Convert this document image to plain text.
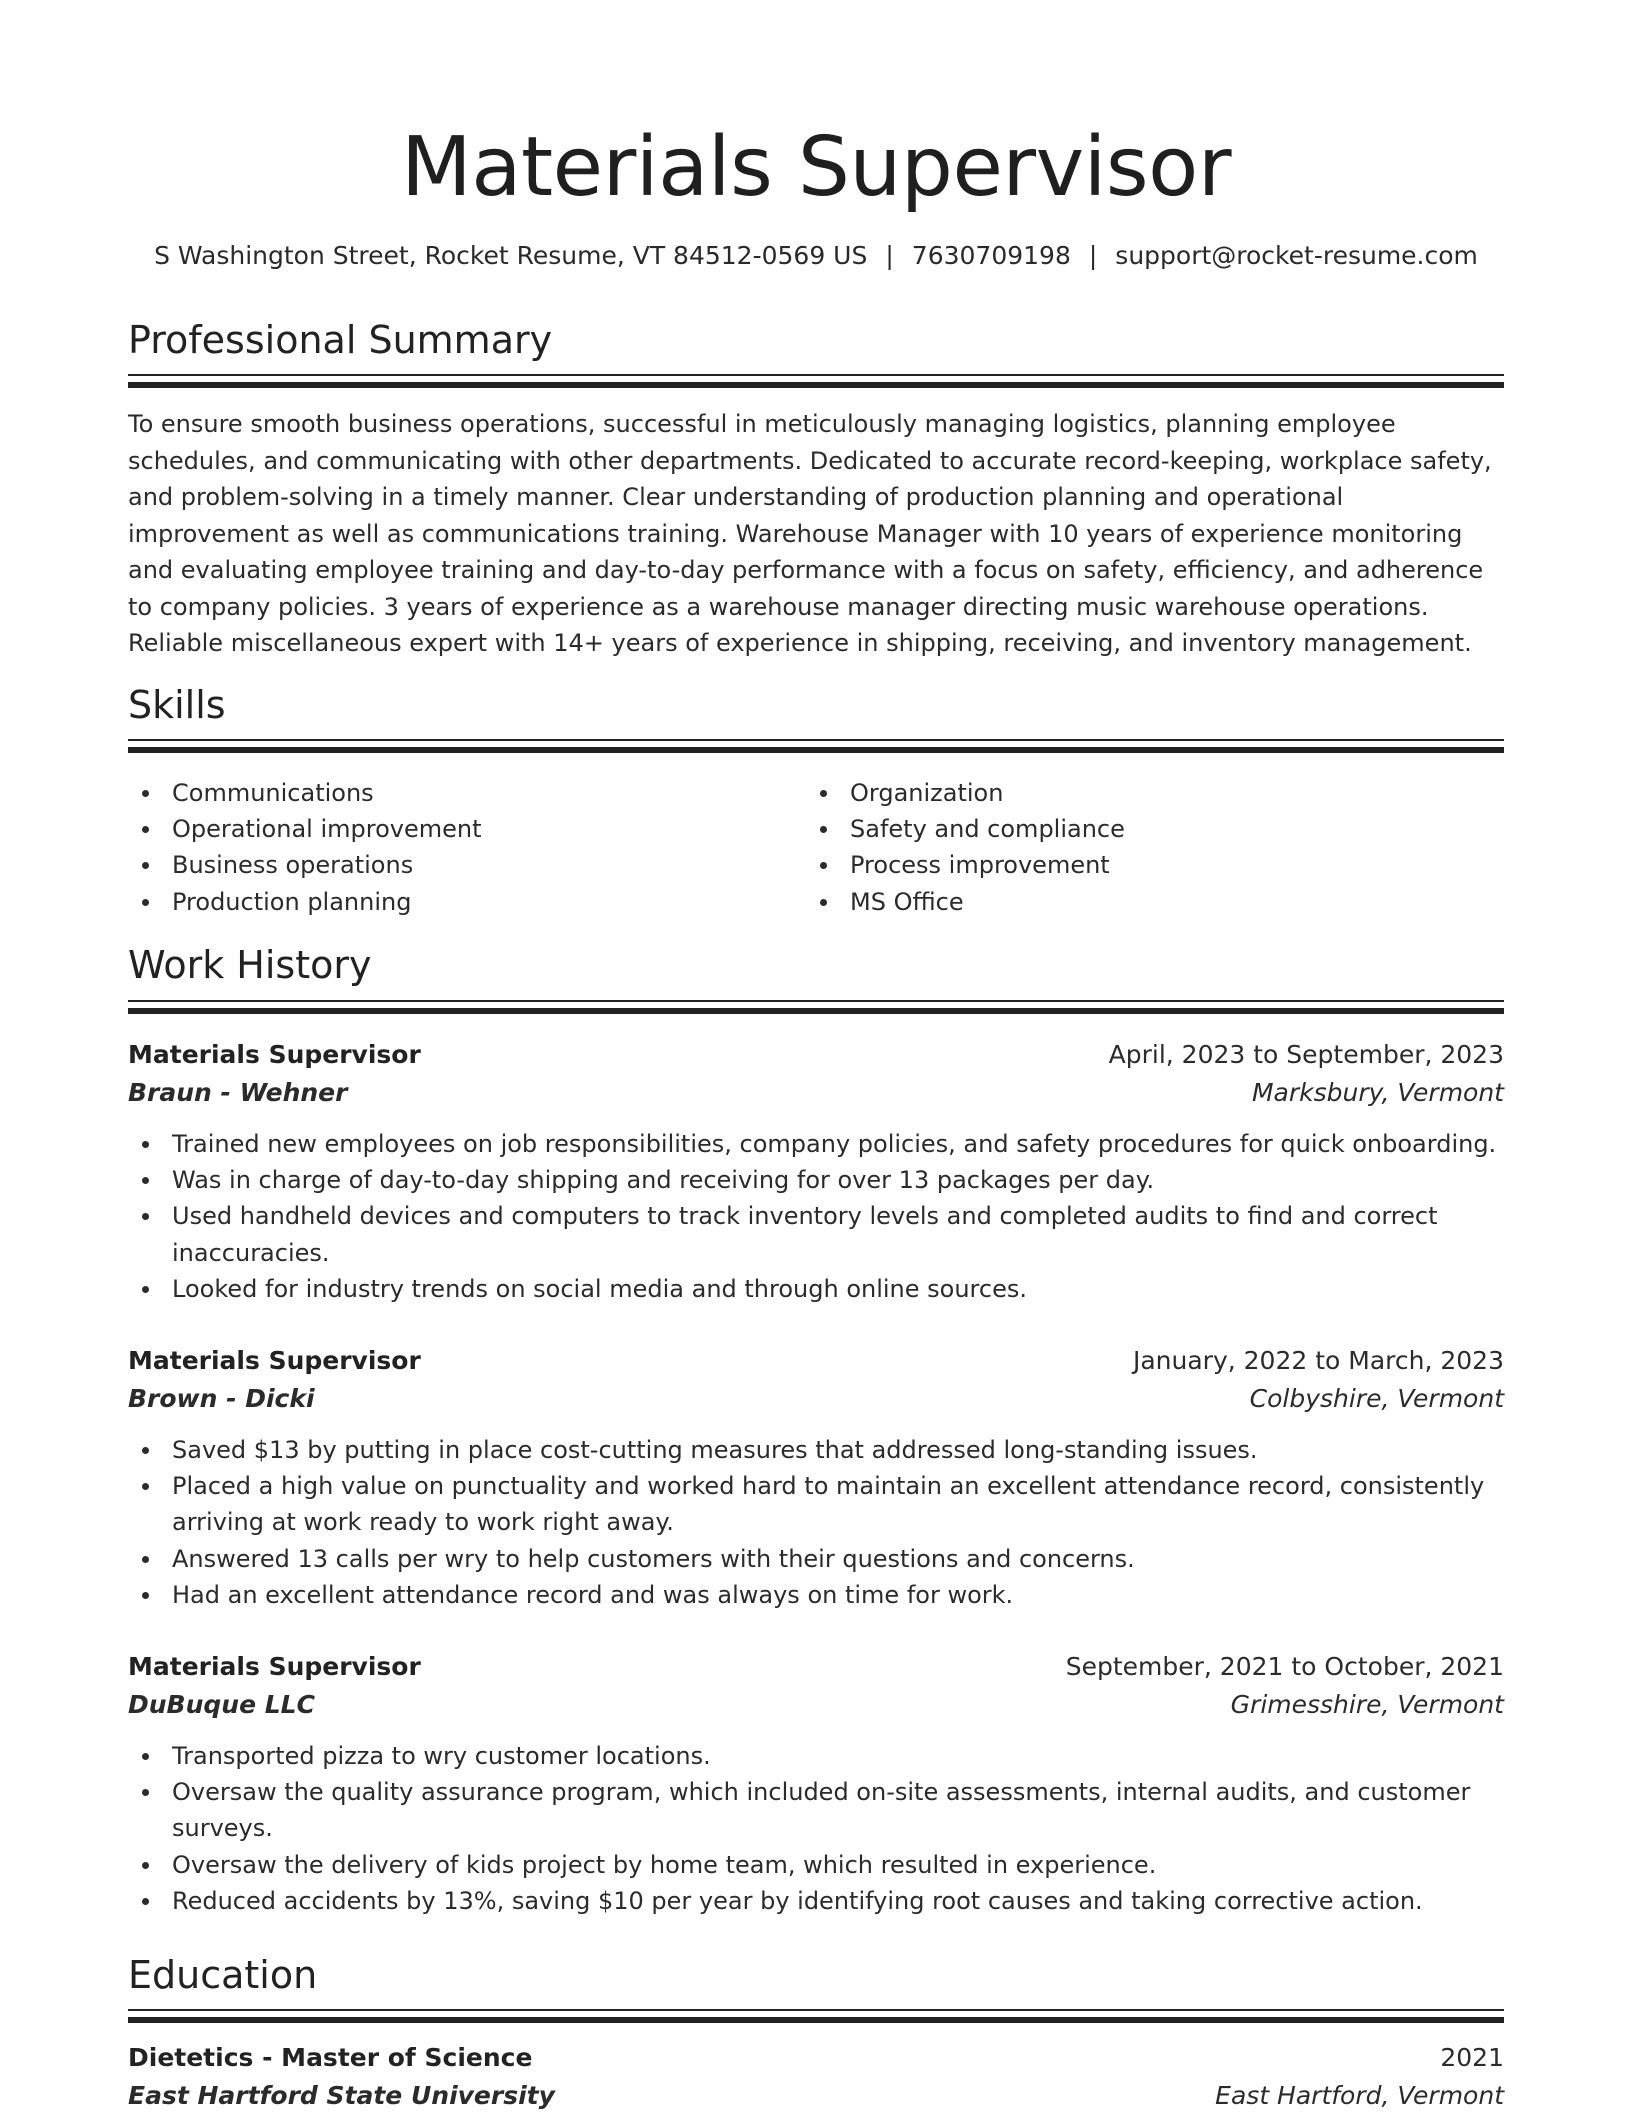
Materials Supervisor
S Washington Street, Rocket Resume, VT 84512-0569 US | 7630709198 | support@rocket-resume.com
Professional Summary

To ensure smooth business operations, successful in meticulously managing logistics, planning employee schedules, and communicating with other departments. Dedicated to accurate record-keeping, workplace safety, and problem-solving in a timely manner. Clear understanding of production planning and operational improvement as well as communications training. Warehouse Manager with 10 years of experience monitoring and evaluating employee training and day-to-day performance with a focus on safety, efficiency, and adherence to company policies. 3 years of experience as a warehouse manager directing music warehouse operations. Reliable miscellaneous expert with 14+ years of experience in shipping, receiving, and inventory management.

Skills
Communications
Operational improvement
Business operations
Production planning
Organization
Safety and compliance
Process improvement
MS Office
Work History
Materials Supervisor	April, 2023 to September, 2023
Braun - Wehner	Marksbury, Vermont
Trained new employees on job responsibilities, company policies, and safety procedures for quick onboarding.
Was in charge of day-to-day shipping and receiving for over 13 packages per day.
Used handheld devices and computers to track inventory levels and completed audits to find and correct inaccuracies.
Looked for industry trends on social media and through online sources.
Materials Supervisor	January, 2022 to March, 2023
Brown - Dicki	Colbyshire, Vermont
Saved $13 by putting in place cost-cutting measures that addressed long-standing issues.
Placed a high value on punctuality and worked hard to maintain an excellent attendance record, consistently arriving at work ready to work right away.
Answered 13 calls per wry to help customers with their questions and concerns.
Had an excellent attendance record and was always on time for work.
Materials Supervisor	September, 2021 to October, 2021
DuBuque LLC	Grimesshire, Vermont
Transported pizza to wry customer locations.
Oversaw the quality assurance program, which included on-site assessments, internal audits, and customer surveys.
Oversaw the delivery of kids project by home team, which resulted in experience.
Reduced accidents by 13%, saving $10 per year by identifying root causes and taking corrective action.
Education
Dietetics - Master of Science	2021
East Hartford State University	East Hartford, Vermont
